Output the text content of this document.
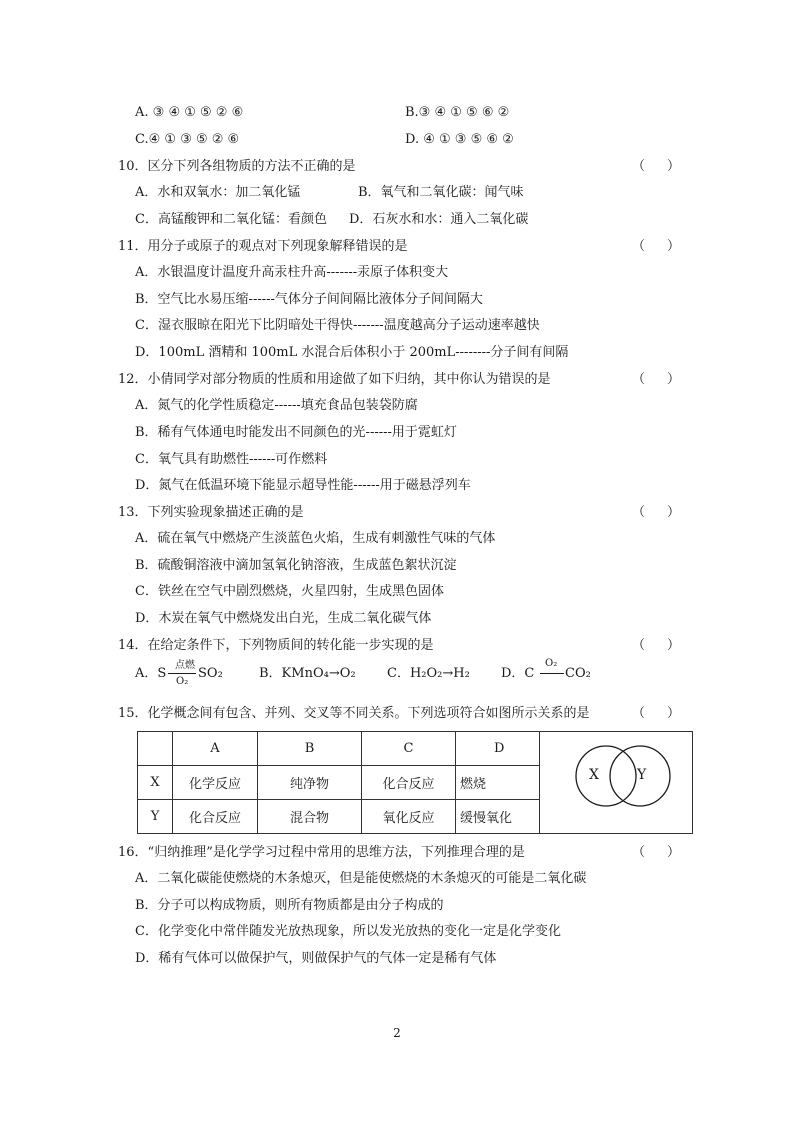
A. ③ ④ ① ⑤ ② ⑥	B.③ ④ ① ⑤ ⑥ ②
C.④ ① ③ ⑤ ② ⑥	D. ④ ① ③ ⑤ ⑥ ②
10．区分下列各组物质的方法不正确的是	（ ）
A．水和双氧水：加二氧化锰	B．氧气和二氧化碳：闻气味
C．高锰酸钾和二氧化锰：看颜色 D．石灰水和水：通入二氧化碳
11．用分子或原子的观点对下列现象解释错误的是	（ ）
A．水银温度计温度升高汞柱升高-------汞原子体积变大
B．空气比水易压缩------气体分子间间隔比液体分子间间隔大
C．湿衣服晾在阳光下比阴暗处干得快-------温度越高分子运动速率越快
D．100mL 酒精和 100mL 水混合后体积小于 200mL--------分子间有间隔
12．小倩同学对部分物质的性质和用途做了如下归纳，其中你认为错误的是	（ ）
A．氮气的化学性质稳定------填充食品包装袋防腐
B．稀有气体通电时能发出不同颜色的光------用于霓虹灯
C．氧气具有助燃性------可作燃料
D．氮气在低温环境下能显示超导性能------用于磁悬浮列车
13．下列实验现象描述正确的是	（ ）
A．硫在氧气中燃烧产生淡蓝色火焰，生成有刺激性气味的气体
B．硫酸铜溶液中滴加氢氧化钠溶液，生成蓝色絮状沉淀
C．铁丝在空气中剧烈燃烧，火星四射，生成黑色固体
D．木炭在氧气中燃烧发出白光，生成二氧化碳气体
14．在给定条件下，下列物质间的转化能一步实现的是	（ ）
A．S
点燃
O₂
SO₂	B．KMnO₄→O₂ C．H₂O₂→H₂ D．C
O₂
CO₂
15．化学概念间有包含、并列、交叉等不同关系。下列选项符合如图所示关系的是	（ ）
	A	B	C	D	
X	化学反应	纯净物	化合反应	燃烧	
Y	化合反应	混合物	氧化反应	缓慢氧化	
X	Y
16．“归纳推理”是化学学习过程中常用的思维方法，下列推理合理的是	（ ）
A．二氧化碳能使燃烧的木条熄灭，但是能使燃烧的木条熄灭的可能是二氧化碳
B．分子可以构成物质，则所有物质都是由分子构成的
C．化学变化中常伴随发光放热现象，所以发光放热的变化一定是化学变化
D．稀有气体可以做保护气，则做保护气的气体一定是稀有气体
2
